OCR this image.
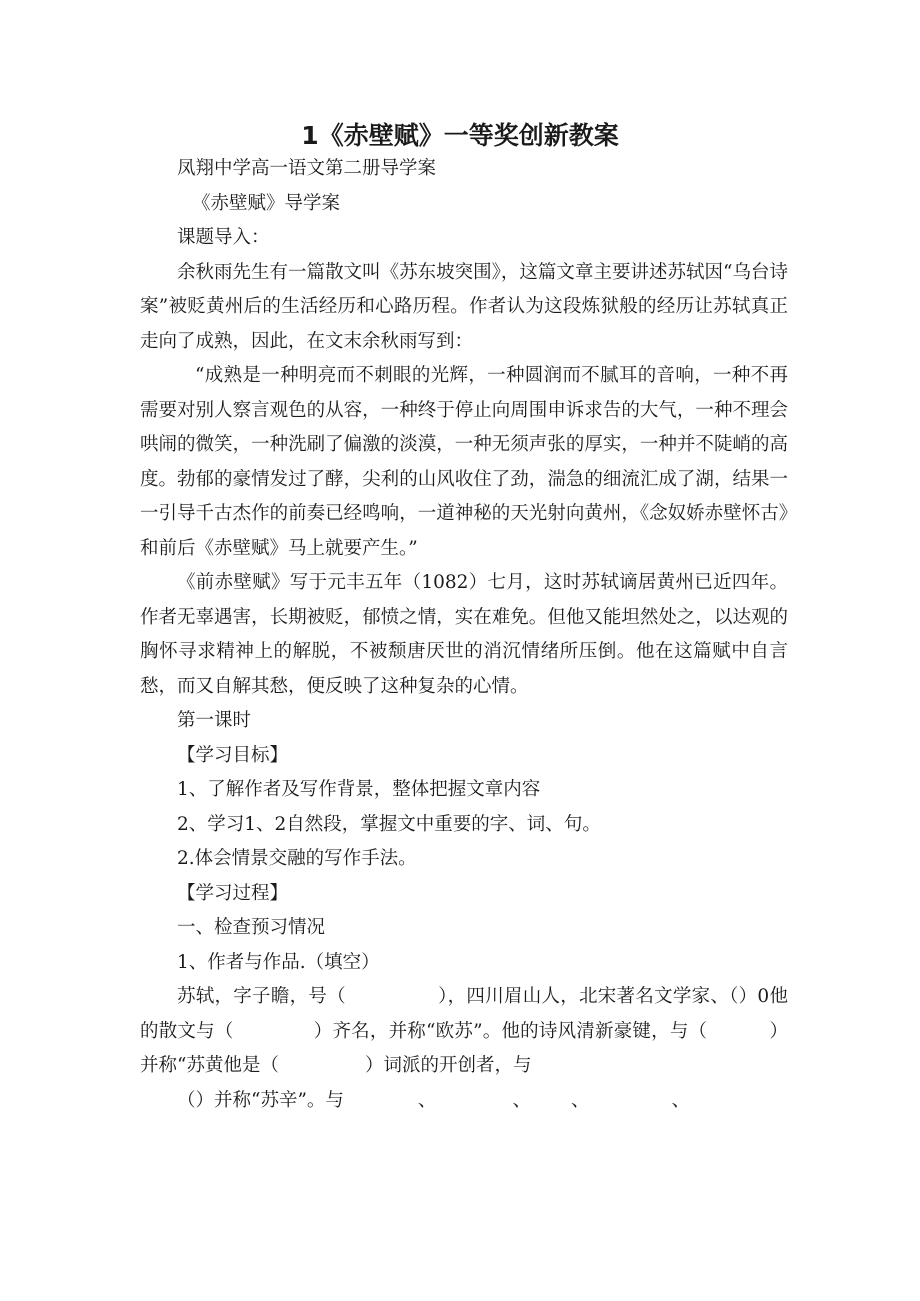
1《赤壁赋》一等奖创新教案

凤翔中学高一语文第二册导学案

《赤壁赋》导学案

课题导入：

余秋雨先生有一篇散文叫《苏东坡突围》，这篇文章主要讲述苏轼因“乌台诗案”被贬黄州后的生活经历和心路历程。作者认为这段炼狱般的经历让苏轼真正走向了成熟，因此，在文末余秋雨写到：

“成熟是一种明亮而不刺眼的光辉，一种圆润而不腻耳的音响，一种不再需要对别人察言观色的从容，一种终于停止向周围申诉求告的大气，一种不理会哄闹的微笑，一种洗刷了偏激的淡漠，一种无须声张的厚实，一种并不陡峭的高度。勃郁的豪情发过了酵，尖利的山风收住了劲，湍急的细流汇成了湖，结果一一引导千古杰作的前奏已经鸣响，一道神秘的天光射向黄州，《念奴娇赤壁怀古》和前后《赤壁赋》马上就要产生。”

《前赤壁赋》写于元丰五年（1082）七月，这时苏轼谪居黄州已近四年。作者无辜遇害，长期被贬，郁愤之情，实在难免。但他又能坦然处之，以达观的胸怀寻求精神上的解脱，不被颓唐厌世的消沉情绪所压倒。他在这篇赋中自言愁，而又自解其愁，便反映了这种复杂的心情。

第一课时

【学习目标】

1、了解作者及写作背景，整体把握文章内容

2、学习1、2自然段，掌握文中重要的字、词、句。

2.体会情景交融的写作手法。

【学习过程】

一、检查预习情况

1、作者与作品.（填空）

苏轼，字子瞻，号（	），四川眉山人，北宋著名文学家、（）0他的散文与（	）齐名，并称“欧苏”。他的诗风清新豪键，与（	）并称“苏黄他是（	）词派的开创者，与

（）并称“苏辛”。与	、	、 、	、
